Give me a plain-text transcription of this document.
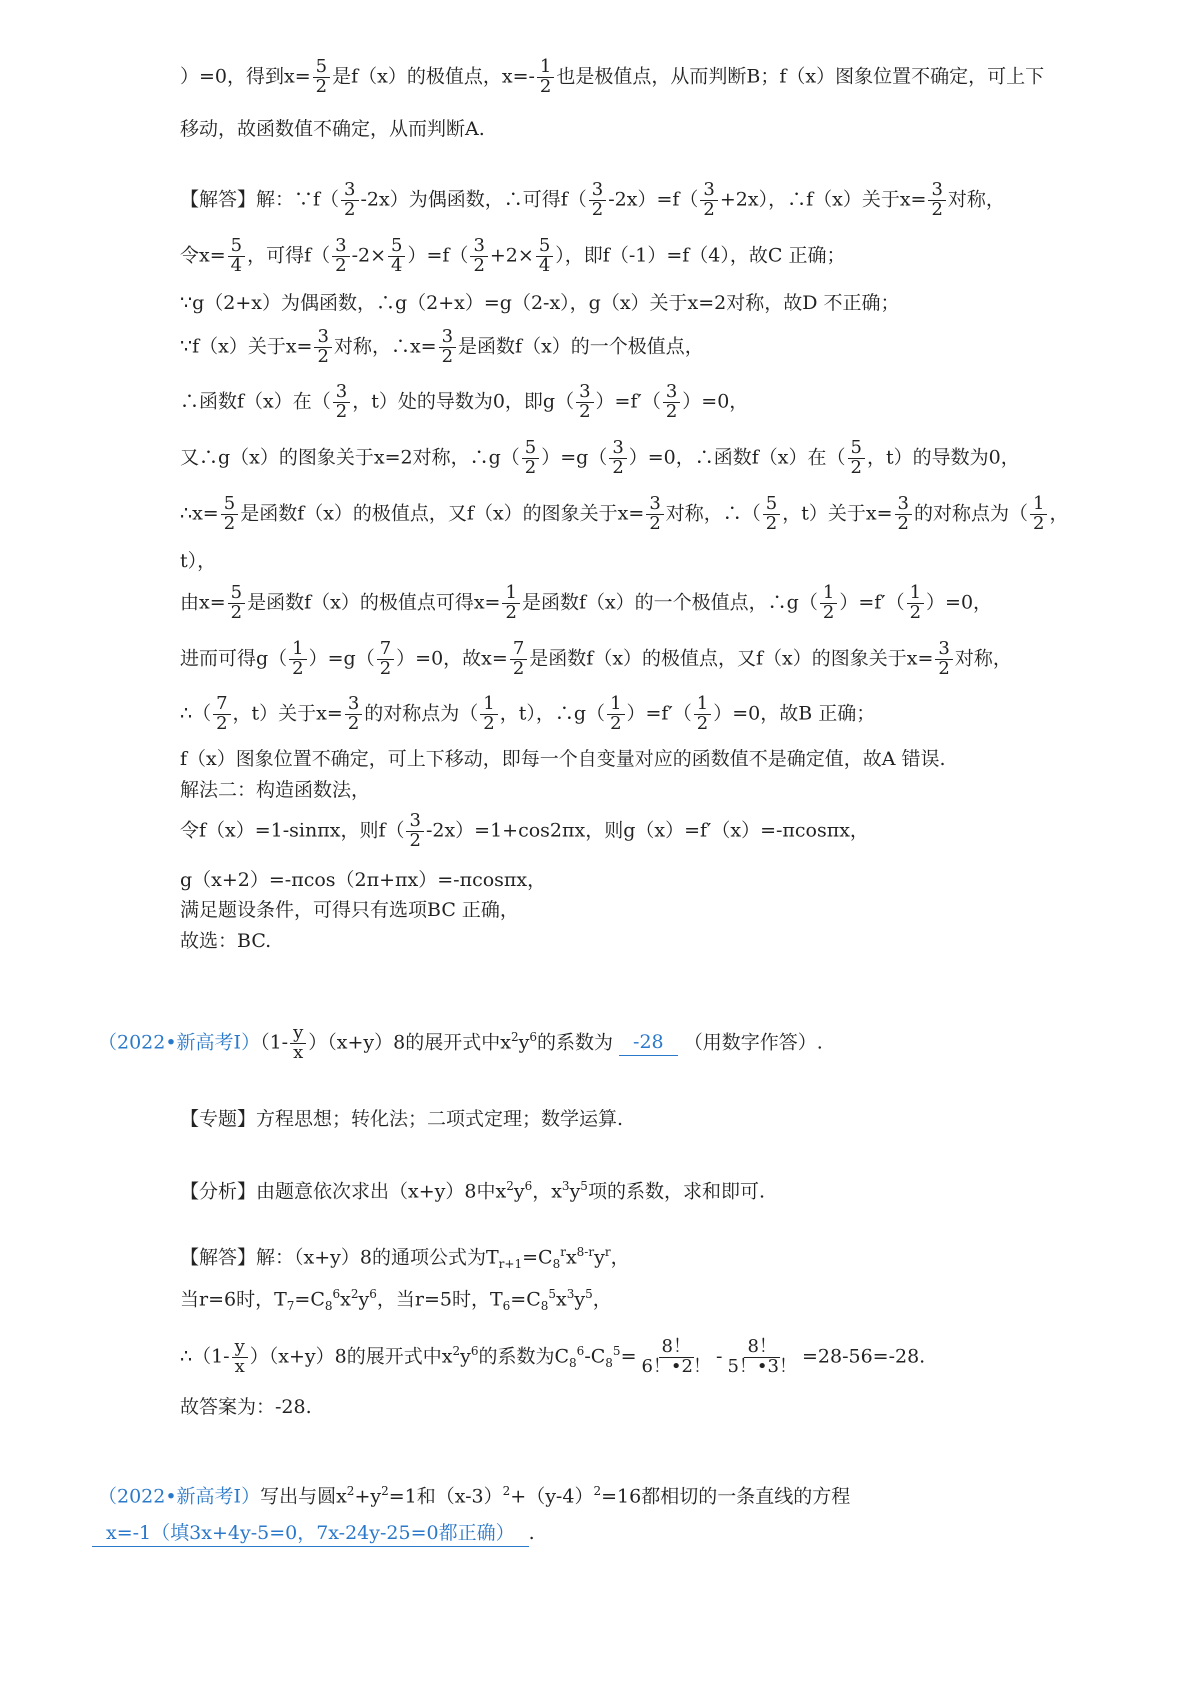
）=0，得到$x= \frac{5}{2}$ 是f（x）的极值点，$x=- \frac{1}{2}$ 也是极值点，从而判断B；f（x）图象位置不确定，可上下
移动，故函数值不确定，从而判断A.
【解答】解：∵f（ $\frac{3}{2} -2x$）为偶函数，∴可得$f( \frac{3}{2} -2x)=f( \frac{3}{2} +2x)$，∴f（x）关于$x= \frac{3}{2}$ 对称，
令$x= \frac{5}{4}$ ，可得$f( \frac{3}{2} -2\times \frac{5}{4} )=f( \frac{3}{2} +2\times \frac{5}{4}$ ），即f（-1）=f（4），故C 正确；
∵g（2+x）为偶函数，∴g（2+x）=g（2-x），g（x）关于x=2对称，故D 不正确；
∵f（x）关于$x= \frac{3}{2}$ 对称，∴x= $\frac{3}{2}$ 是函数f（x）的一个极值点，
∴函数f（x）在（ $\frac{3}{2}$ ，t）处的导数为0，即$g( \frac{3}{2} )=f'( \frac{3}{2} )=0$，
又∴g（x）的图象关于x=2对称，∴g（ $\frac{5}{2} )=g( \frac{3}{2} )=0$，∴函数f（x）在（ $\frac{5}{2}$ ，t）的导数为0，
∴x= $\frac{5}{2}$ 是函数f（x）的极值点，又f（x）的图象关于$x= \frac{3}{2}$ 对称，∴（ $\frac{5}{2}$ ，t）关于$x= \frac{3}{2}$ 的对称点为（ $\frac{1}{2}$ ，
t），
由$x= \frac{5}{2}$ 是函数f（x）的极值点可得$x= \frac{1}{2}$ 是函数f（x）的一个极值点，∴g（ $\frac{1}{2} )=f'( \frac{1}{2} )=0$，
进而可得$g( \frac{1}{2} )=g( \frac{7}{2} )=0$，故$x= \frac{7}{2}$ 是函数f（x）的极值点，又f（x）的图象关于$x= \frac{3}{2}$ 对称，
∴（ $\frac{7}{2}$ ，t）关于$x= \frac{3}{2}$ 的对称点为（ $\frac{1}{2}$ ，t），∴g（ $\frac{1}{2} )=f'( \frac{1}{2} )=0$，故B 正确；
f（x）图象位置不确定，可上下移动，即每一个自变量对应的函数值不是确定值，故A 错误.
解法二：构造函数法，
令f（x）=1-sinπx，则$f( \frac{3}{2} -2x)=1+\cos 2\pi x$，则g（x）=f′（x）=-πcosπx，
g（x+2）=-πcos（2π+πx）=-πcosπx，
满足题设条件，可得只有选项BC 正确，
故选：BC.
（2022•新高考Ⅰ）（1- $\frac{y}{x} )(x+y)8$的展开式中$x^2y^6$的系数为 -28 （用数字作答）.
【专题】方程思想；转化法；二项式定理；数学运算.
【分析】由题意依次求出（x+y）8中$x^2y^6$，$x^3y^5$项的系数，求和即可.
【解答】解：（x+y）8的通项公式为$T_{r+1}=C_8^rx^{8-r}y^r$，
当r=6时，$T_7=C_8^6x^2y^6$，当r=5时，$T_6=C_8^5x^3y^5$，
∴（1- $\frac{y}{x} )(x+y)8$的展开式中$x^2y^6$的系数为$C_8^6-C_8^5= \frac{8!}{6!•2!} - \frac{8!}{5!•3!} =28-56=-28$.
故答案为：-28.
（2022•新高考Ⅰ）写出与圆$x^2+y^2=1$和$(x-3)^2+(y-4)^2=16$都相切的一条直线的方程
x=-1（填3x+4y-5=0，7x-24y-25=0都正确） .
